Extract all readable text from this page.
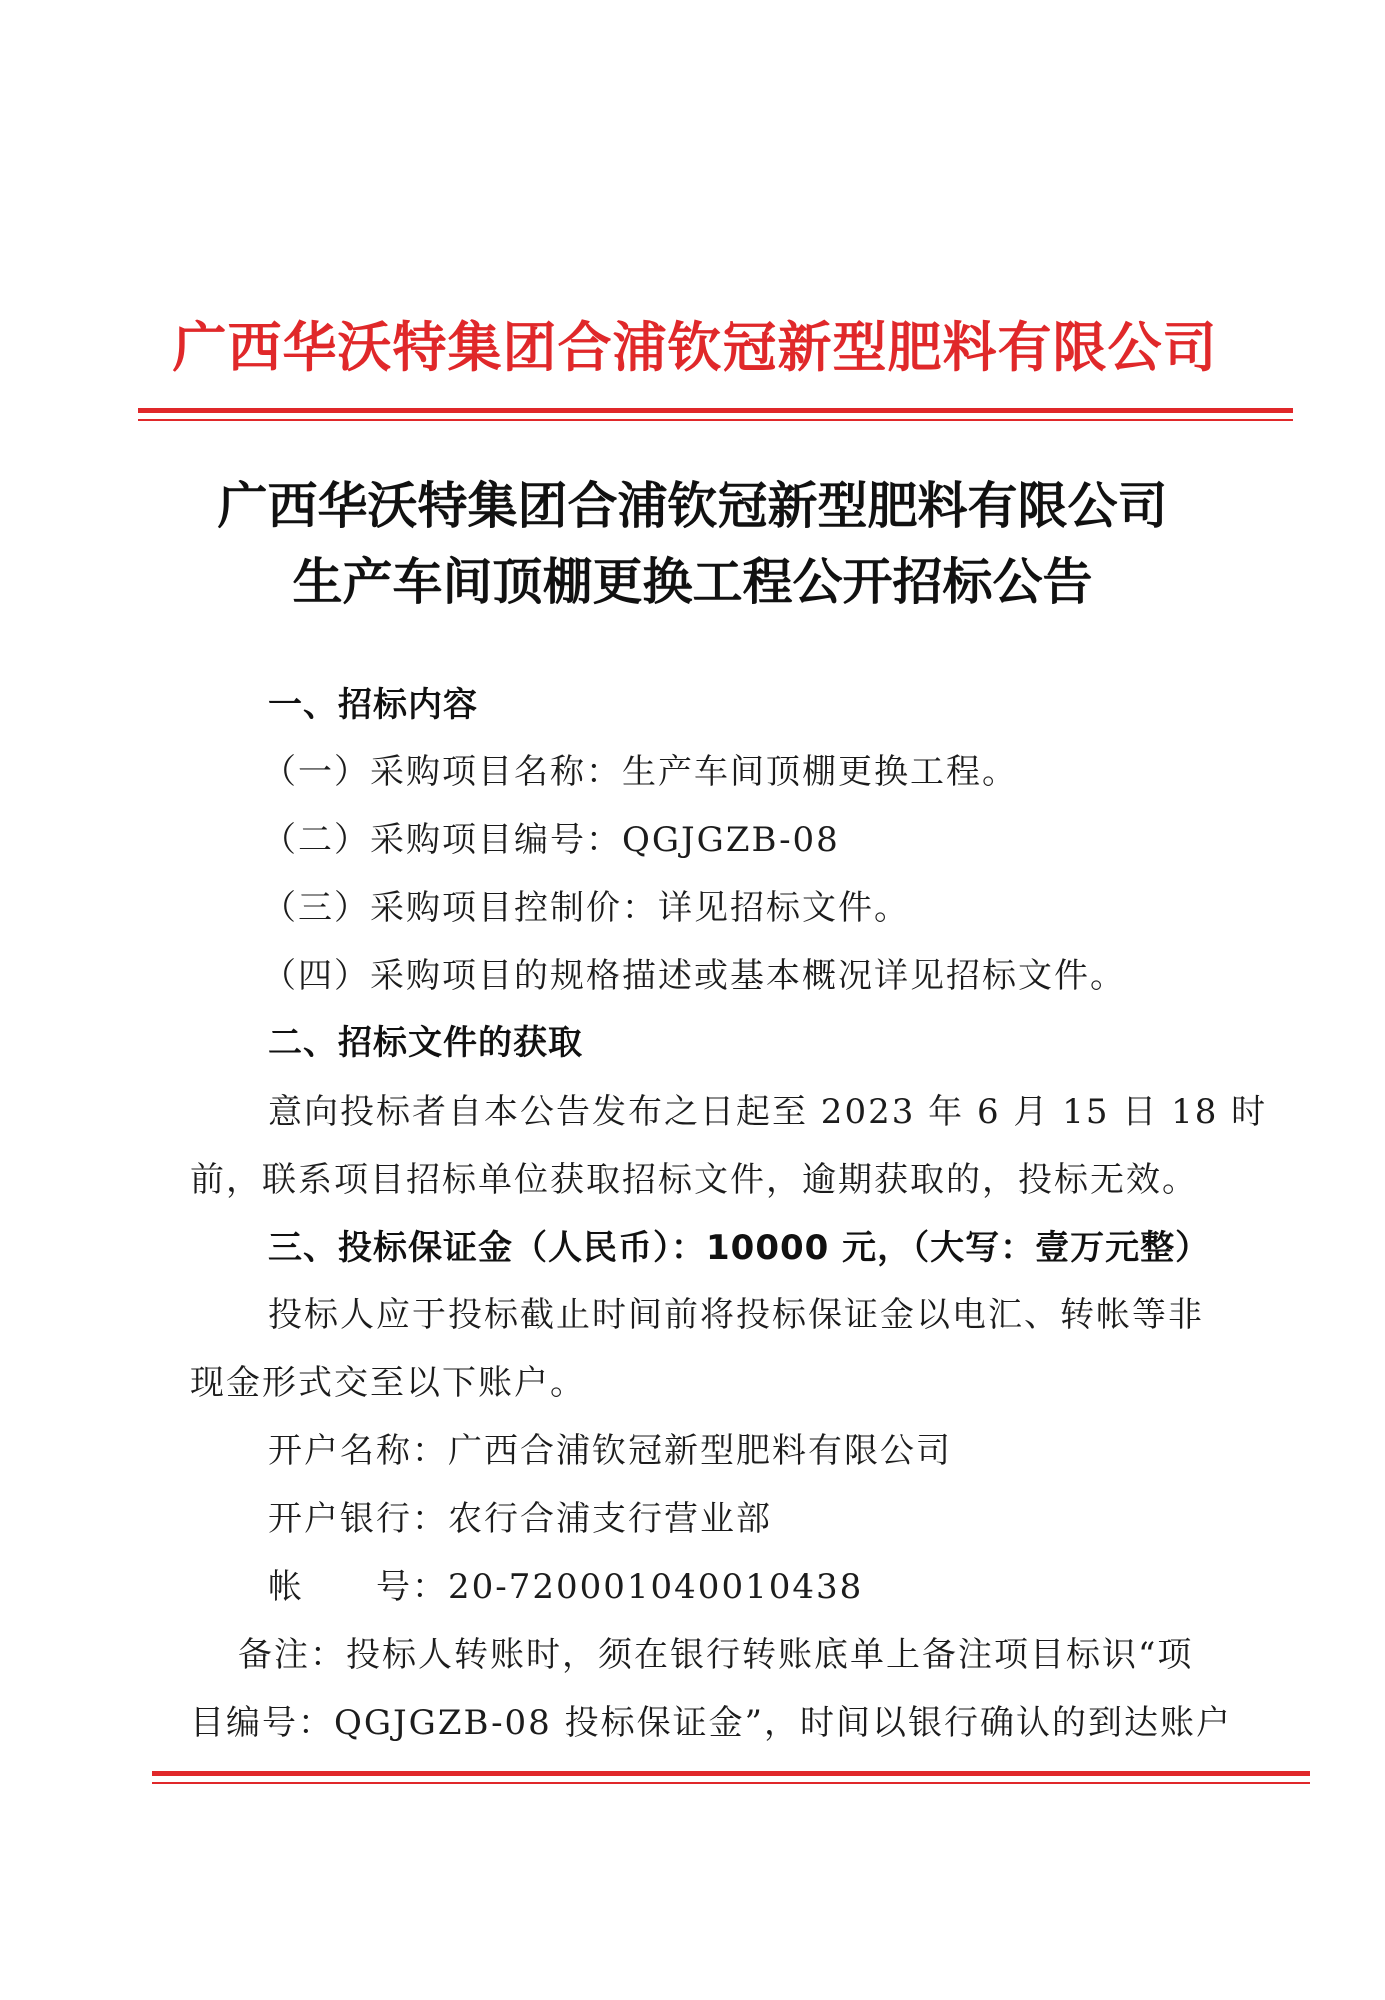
广西华沃特集团合浦钦冠新型肥料有限公司
广西华沃特集团合浦钦冠新型肥料有限公司
生产车间顶棚更换工程公开招标公告
一、招标内容
（一）采购项目名称：生产车间顶棚更换工程。
（二）采购项目编号：QGJGZB-08
（三）采购项目控制价：详见招标文件。
（四）采购项目的规格描述或基本概况详见招标文件。
二、招标文件的获取
意向投标者自本公告发布之日起至 2023 年 6 月 15 日 18 时
前，联系项目招标单位获取招标文件，逾期获取的，投标无效。
三、投标保证金（人民币）：10000 元，（大写：壹万元整）
投标人应于投标截止时间前将投标保证金以电汇、转帐等非
现金形式交至以下账户。
开户名称：广西合浦钦冠新型肥料有限公司
开户银行：农行合浦支行营业部
帐　　号：20-720001040010438
备注：投标人转账时，须在银行转账底单上备注项目标识“项
目编号：QGJGZB-08 投标保证金”，时间以银行确认的到达账户
